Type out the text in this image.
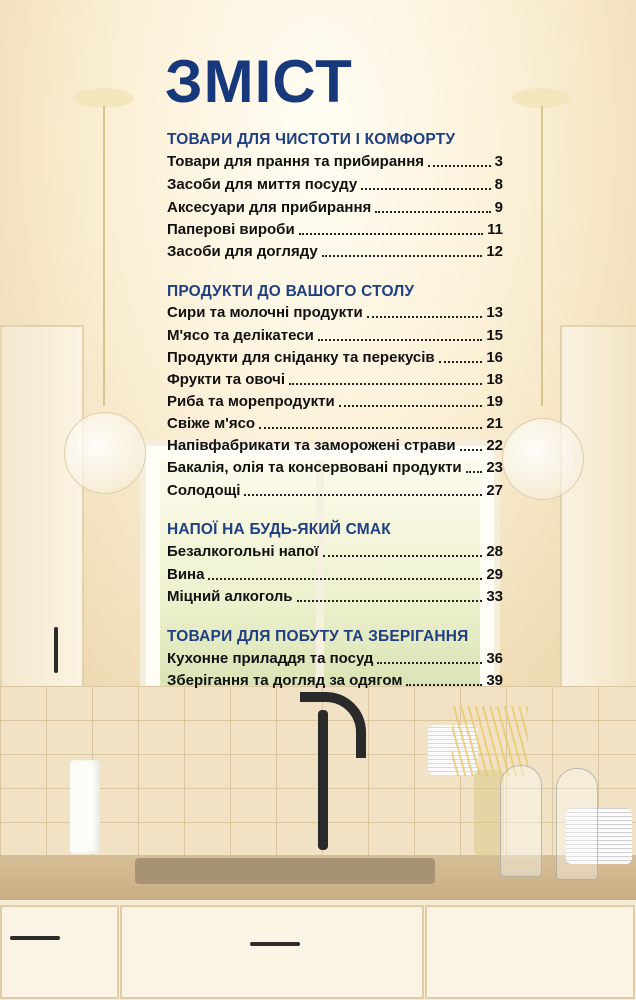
ЗМІСТ
ТОВАРИ ДЛЯ ЧИСТОТИ І КОМФОРТУ
Товари для прання та прибирання	3
Засоби для миття посуду	8
Аксесуари для прибирання	9
Паперові вироби	11
Засоби для догляду	12
ПРОДУКТИ ДО ВАШОГО СТОЛУ
Сири та молочні продукти	13
М'ясо та делікатеси	15
Продукти для сніданку та перекусів	16
Фрукти та овочі	18
Риба та морепродукти	19
Свіже м'ясо	21
Напівфабрикати та заморожені страви 22
Бакалія, олія та консервовані продукти 23
Солодощі	27
НАПОЇ НА БУДЬ-ЯКИЙ СМАК
Безалкогольні напої	28
Вина	29
Міцний алкоголь	33
ТОВАРИ ДЛЯ ПОБУТУ ТА ЗБЕРІГАННЯ
Кухонне приладдя та посуд	36
Зберігання та догляд за одягом	39
